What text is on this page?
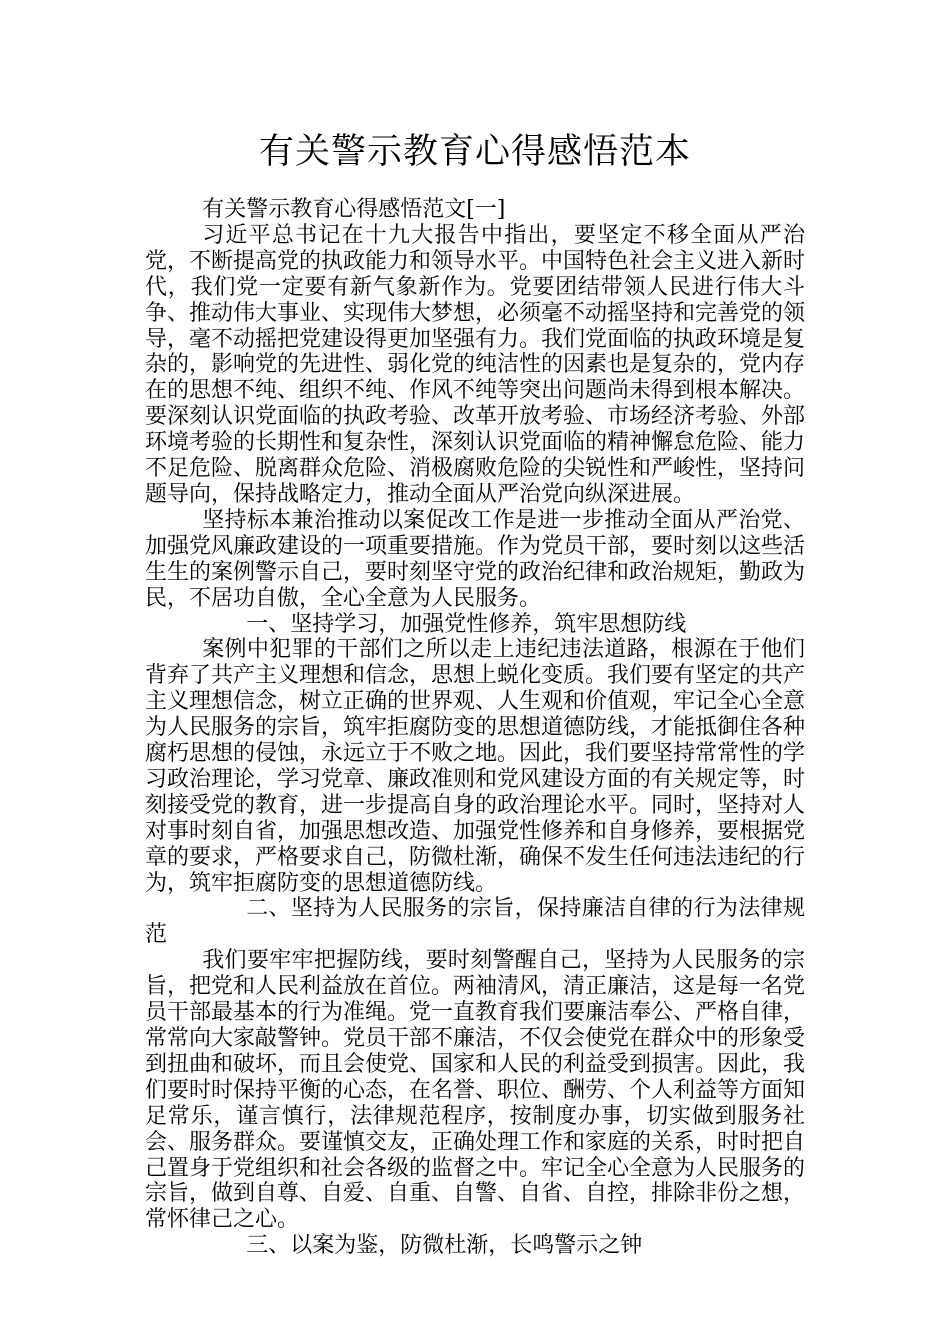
有关警示教育心得感悟范本

有关警示教育心得感悟范文[一]

习近平总书记在十九大报告中指出，要坚定不移全面从严治党，不断提高党的执政能力和领导水平。中国特色社会主义进入新时代，我们党一定要有新气象新作为。党要团结带领人民进行伟大斗争、推动伟大事业、实现伟大梦想，必须毫不动摇坚持和完善党的领导，毫不动摇把党建设得更加坚强有力。我们党面临的执政环境是复杂的，影响党的先进性、弱化党的纯洁性的因素也是复杂的，党内存在的思想不纯、组织不纯、作风不纯等突出问题尚未得到根本解决。要深刻认识党面临的执政考验、改革开放考验、市场经济考验、外部环境考验的长期性和复杂性，深刻认识党面临的精神懈怠危险、能力不足危险、脱离群众危险、消极腐败危险的尖锐性和严峻性，坚持问题导向，保持战略定力，推动全面从严治党向纵深进展。

坚持标本兼治推动以案促改工作是进一步推动全面从严治党、加强党风廉政建设的一项重要措施。作为党员干部，要时刻以这些活生生的案例警示自己，要时刻坚守党的政治纪律和政治规矩，勤政为民，不居功自傲，全心全意为人民服务。

一、坚持学习，加强党性修养，筑牢思想防线

案例中犯罪的干部们之所以走上违纪违法道路，根源在于他们背弃了共产主义理想和信念，思想上蜕化变质。我们要有坚定的共产主义理想信念，树立正确的世界观、人生观和价值观，牢记全心全意为人民服务的宗旨，筑牢拒腐防变的思想道德防线，才能抵御住各种腐朽思想的侵蚀，永远立于不败之地。因此，我们要坚持常常性的学习政治理论，学习党章、廉政准则和党风建设方面的有关规定等，时刻接受党的教育，进一步提高自身的政治理论水平。同时，坚持对人对事时刻自省，加强思想改造、加强党性修养和自身修养，要根据党章的要求，严格要求自己，防微杜渐，确保不发生任何违法违纪的行为，筑牢拒腐防变的思想道德防线。

二、坚持为人民服务的宗旨，保持廉洁自律的行为法律规范

我们要牢牢把握防线，要时刻警醒自己，坚持为人民服务的宗旨，把党和人民利益放在首位。两袖清风，清正廉洁，这是每一名党员干部最基本的行为准绳。党一直教育我们要廉洁奉公、严格自律，常常向大家敲警钟。党员干部不廉洁，不仅会使党在群众中的形象受到扭曲和破坏，而且会使党、国家和人民的利益受到损害。因此，我们要时时保持平衡的心态，在名誉、职位、酬劳、个人利益等方面知足常乐，谨言慎行，法律规范程序，按制度办事，切实做到服务社会、服务群众。要谨慎交友，正确处理工作和家庭的关系，时时把自己置身于党组织和社会各级的监督之中。牢记全心全意为人民服务的宗旨，做到自尊、自爱、自重、自警、自省、自控，排除非份之想，常怀律己之心。

三、以案为鉴，防微杜渐，长鸣警示之钟
